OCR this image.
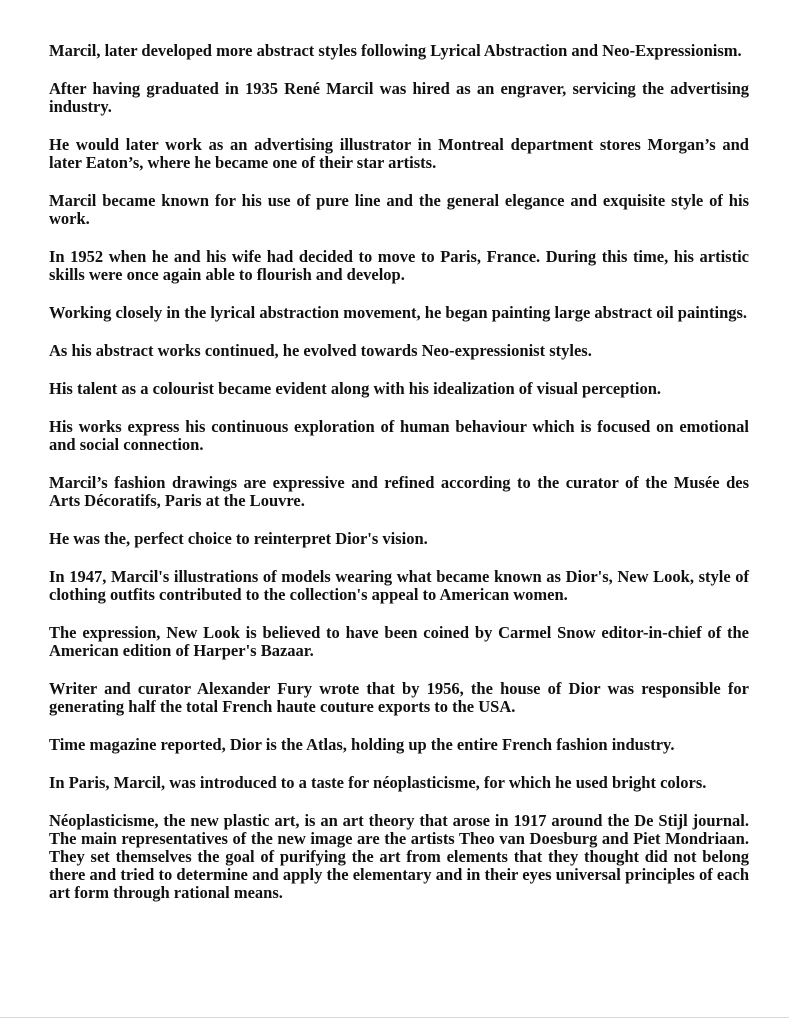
Marcil, later developed more abstract styles following Lyrical Abstraction and Neo-Expressionism.

After having graduated in 1935 René Marcil was hired as an engraver, servicing the advertising industry.

He would later work as an advertising illustrator in Montreal department stores Morgan’s and later Eaton’s, where he became one of their star artists.

Marcil became known for his use of pure line and the general elegance and exquisite style of his work.

In 1952 when he and his wife had decided to move to Paris, France. During this time, his artistic skills were once again able to flourish and develop.

Working closely in the lyrical abstraction movement, he began painting large abstract oil paintings.

As his abstract works continued, he evolved towards Neo-expressionist styles.

His talent as a colourist became evident along with his idealization of visual perception.

His works express his continuous exploration of human behaviour which is focused on emotional and social connection.

Marcil’s fashion drawings are expressive and refined according to the curator of the Musée des Arts Décoratifs, Paris at the Louvre.

He was the, perfect choice to reinterpret Dior's vision.

In 1947, Marcil's illustrations of models wearing what became known as Dior's, New Look, style of clothing outfits contributed to the collection's appeal to American women.

The expression, New Look is believed to have been coined by Carmel Snow editor-in-chief of the American edition of Harper's Bazaar.

Writer and curator Alexander Fury wrote that by 1956, the house of Dior was responsible for generating half the total French haute couture exports to the USA.

Time magazine reported, Dior is the Atlas, holding up the entire French fashion industry.

In Paris, Marcil, was introduced to a taste for néoplasticisme, for which he used bright colors.

Néoplasticisme, the new plastic art, is an art theory that arose in 1917 around the De Stijl journal. The main representatives of the new image are the artists Theo van Doesburg and Piet Mondriaan. They set themselves the goal of purifying the art from elements that they thought did not belong there and tried to determine and apply the elementary and in their eyes universal principles of each art form through rational means.
